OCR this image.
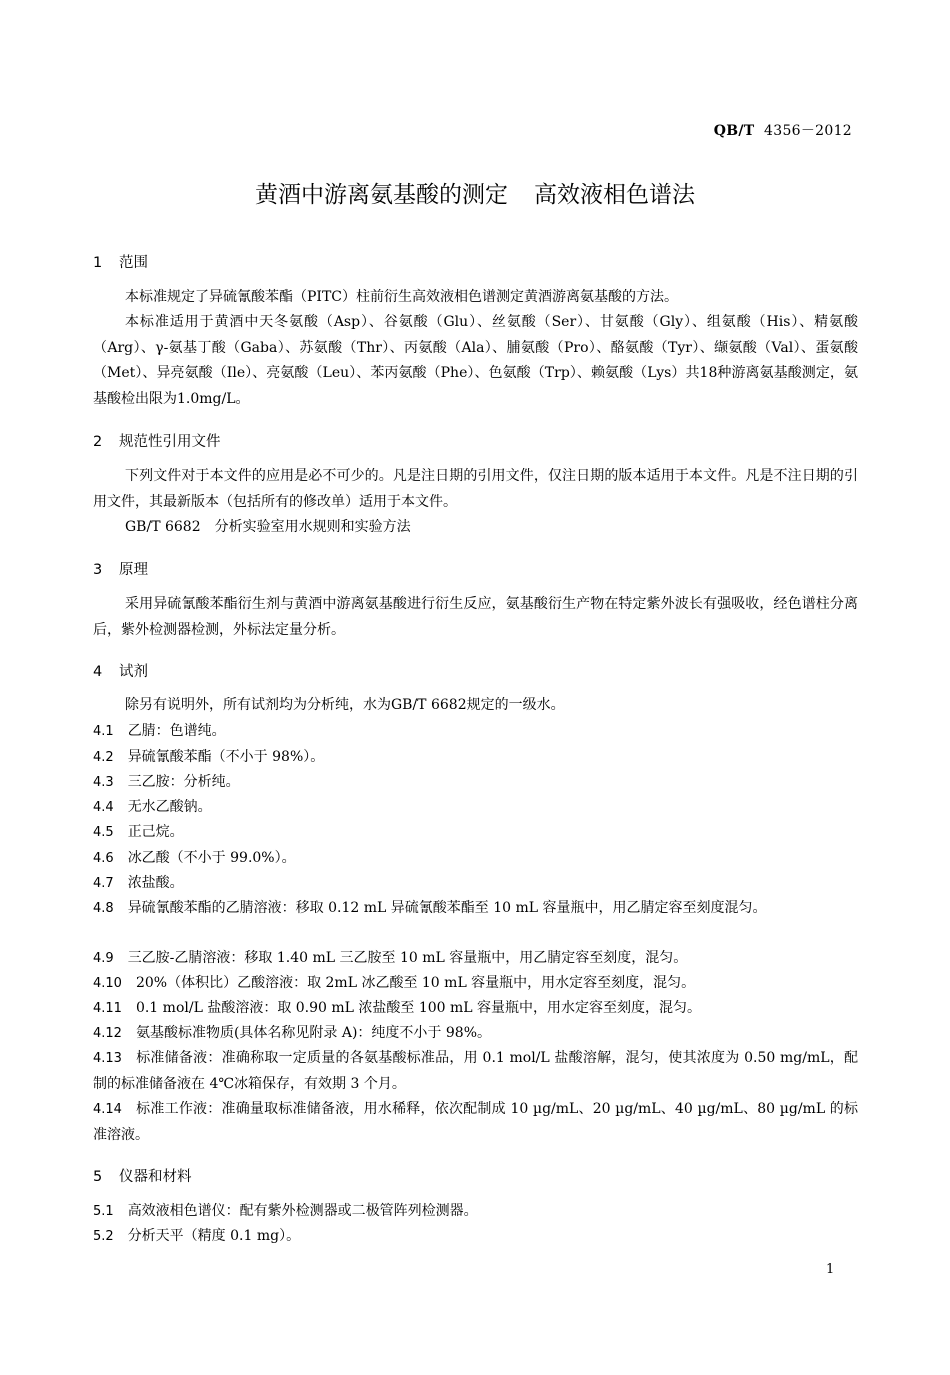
QB/T 4356－2012
黄酒中游离氨基酸的测定 高效液相色谱法
1 范围
本标准规定了异硫氰酸苯酯（PITC）柱前衍生高效液相色谱测定黄酒游离氨基酸的方法。
本标准适用于黄酒中天冬氨酸（Asp）、谷氨酸（Glu）、丝氨酸（Ser）、甘氨酸（Gly）、组氨酸（His）、精氨酸（Arg）、γ-氨基丁酸（Gaba）、苏氨酸（Thr）、丙氨酸（Ala）、脯氨酸（Pro）、酪氨酸（Tyr）、缬氨酸（Val）、蛋氨酸（Met）、异亮氨酸（Ile）、亮氨酸（Leu）、苯丙氨酸（Phe）、色氨酸（Trp）、赖氨酸（Lys）共18种游离氨基酸测定，氨基酸检出限为1.0mg/L。
2 规范性引用文件
下列文件对于本文件的应用是必不可少的。凡是注日期的引用文件，仅注日期的版本适用于本文件。凡是不注日期的引用文件，其最新版本（包括所有的修改单）适用于本文件。
GB/T 6682　分析实验室用水规则和实验方法
3 原理
采用异硫氰酸苯酯衍生剂与黄酒中游离氨基酸进行衍生反应，氨基酸衍生产物在特定紫外波长有强吸收，经色谱柱分离后，紫外检测器检测，外标法定量分析。
4 试剂
除另有说明外，所有试剂均为分析纯，水为GB/T 6682规定的一级水。
4.1 乙腈：色谱纯。
4.2 异硫氰酸苯酯（不小于 98%）。
4.3 三乙胺：分析纯。
4.4 无水乙酸钠。
4.5 正己烷。
4.6 冰乙酸（不小于 99.0%）。
4.7 浓盐酸。
4.8 异硫氰酸苯酯的乙腈溶液：移取 0.12 mL 异硫氰酸苯酯至 10 mL 容量瓶中，用乙腈定容至刻度混匀。
4.9 三乙胺-乙腈溶液：移取 1.40 mL 三乙胺至 10 mL 容量瓶中，用乙腈定容至刻度，混匀。
4.10 20%（体积比）乙酸溶液：取 2mL 冰乙酸至 10 mL 容量瓶中，用水定容至刻度，混匀。
4.11 0.1 mol/L 盐酸溶液：取 0.90 mL 浓盐酸至 100 mL 容量瓶中，用水定容至刻度，混匀。
4.12 氨基酸标准物质(具体名称见附录 A)：纯度不小于 98%。
4.13 标准储备液：准确称取一定质量的各氨基酸标准品，用 0.1 mol/L 盐酸溶解，混匀，使其浓度为 0.50 mg/mL，配制的标准储备液在 4℃冰箱保存，有效期 3 个月。
4.14 标准工作液：准确量取标准储备液，用水稀释，依次配制成 10 µg/mL、20 µg/mL、40 µg/mL、80 µg/mL 的标准溶液。
5 仪器和材料
5.1 高效液相色谱仪：配有紫外检测器或二极管阵列检测器。
5.2 分析天平（精度 0.1 mg）。
1
